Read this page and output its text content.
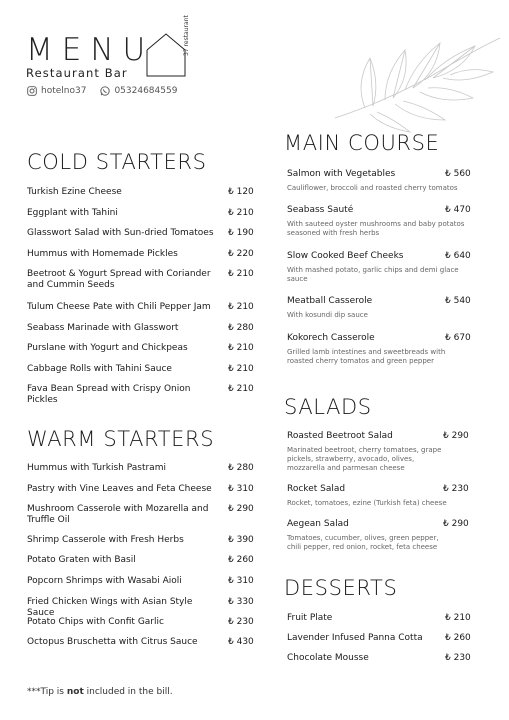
MENU
Restaurant Bar
37 restaurant
hotelno37	05324684559
COLD STARTERS
Turkish Ezine Cheese	₺ 120
Eggplant with Tahini	₺ 210
Glasswort Salad with Sun-dried Tomatoes	₺ 190
Hummus with Homemade Pickles	₺ 220
Beetroot & Yogurt Spread with Coriander and Cummin Seeds
₺ 210
Tulum Cheese Pate with Chili Pepper Jam	₺ 210
Seabass Marinade with Glasswort	₺ 280
Purslane with Yogurt and Chickpeas	₺ 210
Cabbage Rolls with Tahini Sauce	₺ 210
Fava Bean Spread with Crispy Onion Pickles
₺ 210
WARM STARTERS
Hummus with Turkish Pastrami	₺ 280
Pastry with Vine Leaves and Feta Cheese	₺ 310
Mushroom Casserole with Mozarella and Truffle Oil
₺ 290
Shrimp Casserole with Fresh Herbs	₺ 390
Potato Graten with Basil	₺ 260
Popcorn Shrimps with Wasabi Aioli	₺ 310
Fried Chicken Wings with Asian Style Sauce
₺ 330
Potato Chips with Confit Garlic	₺ 230
Octopus Bruschetta with Citrus Sauce	₺ 430
MAIN COURSE
Salmon with Vegetables	₺ 560
Cauliflower, broccoli and roasted cherry tomatos
Seabass Sauté	₺ 470
With sauteed oyster mushrooms and baby potatos seasoned with fresh herbs
Slow Cooked Beef Cheeks	₺ 640
With mashed potato, garlic chips and demi glace sauce
Meatball Casserole	₺ 540
With kosundi dip sauce
Kokorech Casserole	₺ 670
Grilled lamb intestines and sweetbreads with roasted cherry tomatos and green pepper
SALADS
Roasted Beetroot Salad	₺ 290
Marinated beetroot, cherry tomatoes, grape pickels, strawberry, avocado, olives, mozzarella and parmesan cheese
Rocket Salad	₺ 230
Rocket, tomatoes, ezine (Turkish feta) cheese
Aegean Salad	₺ 290
Tomatoes, cucumber, olives, green pepper, chili pepper, red onion, rocket, feta cheese
DESSERTS
Fruit Plate	₺ 210
Lavender Infused Panna Cotta	₺ 260
Chocolate Mousse	₺ 230
***Tip is not included in the bill.
